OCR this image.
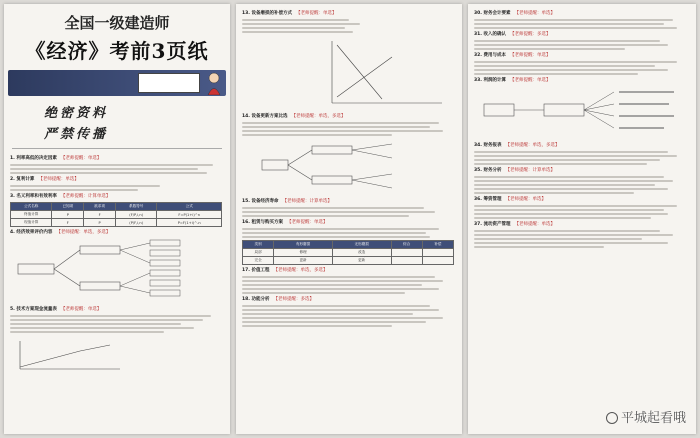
全国一级建造师
《经济》考前3页纸
绝密资料
严禁传播
1. 利率高低的决定因素 【老师提醒：单选】
2. 复利计算 【老师提醒：单选】
3. 名义利率和有效利率 【老师提醒：计算单选】
公式名称	已知项	欲求项	系数符号	公式
终值计算	P	F	(F/P,i,n)	F=P(1+i)^n
现值计算	F	P	(P/F,i,n)	P=F(1+i)^-n
4. 经济效果评价内容 【老师提醒：单选，多选】
5. 技术方案现金流量表 【老师提醒：单选】
13. 设备磨损的补偿方式 【老师提醒：单选】
14. 设备更新方案比选 【老师提醒：单选，多选】
15. 设备经济寿命 【老师提醒：计算单选】
16. 租赁与购买方案 【老师提醒：单选】
类别	有形磨损	无形磨损	综合	补偿
局部	修理	改造		
完全	更新	更新		
17. 价值工程 【老师提醒：单选，多选】
18. 功能分析 【老师提醒：多选】
30. 财务会计要素 【老师提醒：单选】
31. 收入的确认 【老师提醒：多选】
32. 费用与成本 【老师提醒：单选】
33. 利润的计算 【老师提醒：单选】
34. 财务报表 【老师提醒：单选，多选】
35. 财务分析 【老师提醒：计算单选】
36. 筹资管理 【老师提醒：单选】
37. 流动资产管理 【老师提醒：单选】
平城起看哦
